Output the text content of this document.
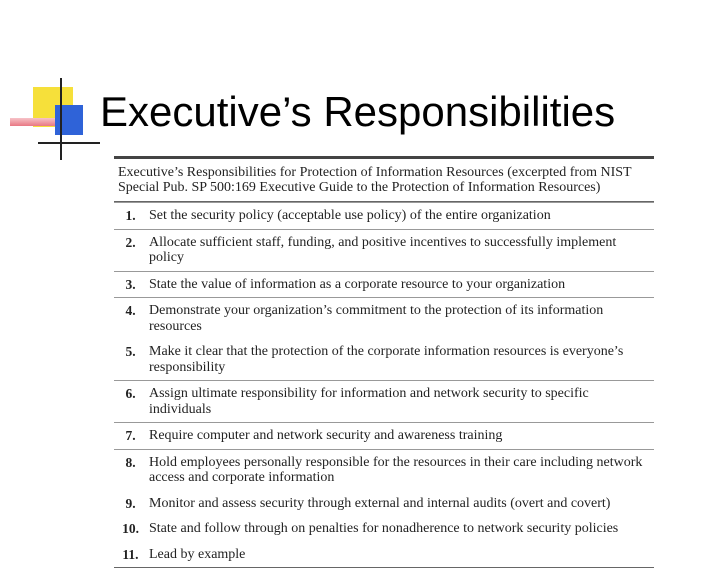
Executive’s Responsibilities
Executive’s Responsibilities for Protection of Information Resources (excerpted from NIST Special Pub. SP 500:169 Executive Guide to the Protection of Information Resources)
1. Set the security policy (acceptable use policy) of the entire organization
2. Allocate sufficient staff, funding, and positive incentives to successfully implement policy
3. State the value of information as a corporate resource to your organization
4. Demonstrate your organization’s commitment to the protection of its information resources
5. Make it clear that the protection of the corporate information resources is everyone’s responsibility
6. Assign ultimate responsibility for information and network security to specific individuals
7. Require computer and network security and awareness training
8. Hold employees personally responsible for the resources in their care including network access and corporate information
9. Monitor and assess security through external and internal audits (overt and covert)
10. State and follow through on penalties for nonadherence to network security policies
11. Lead by example
